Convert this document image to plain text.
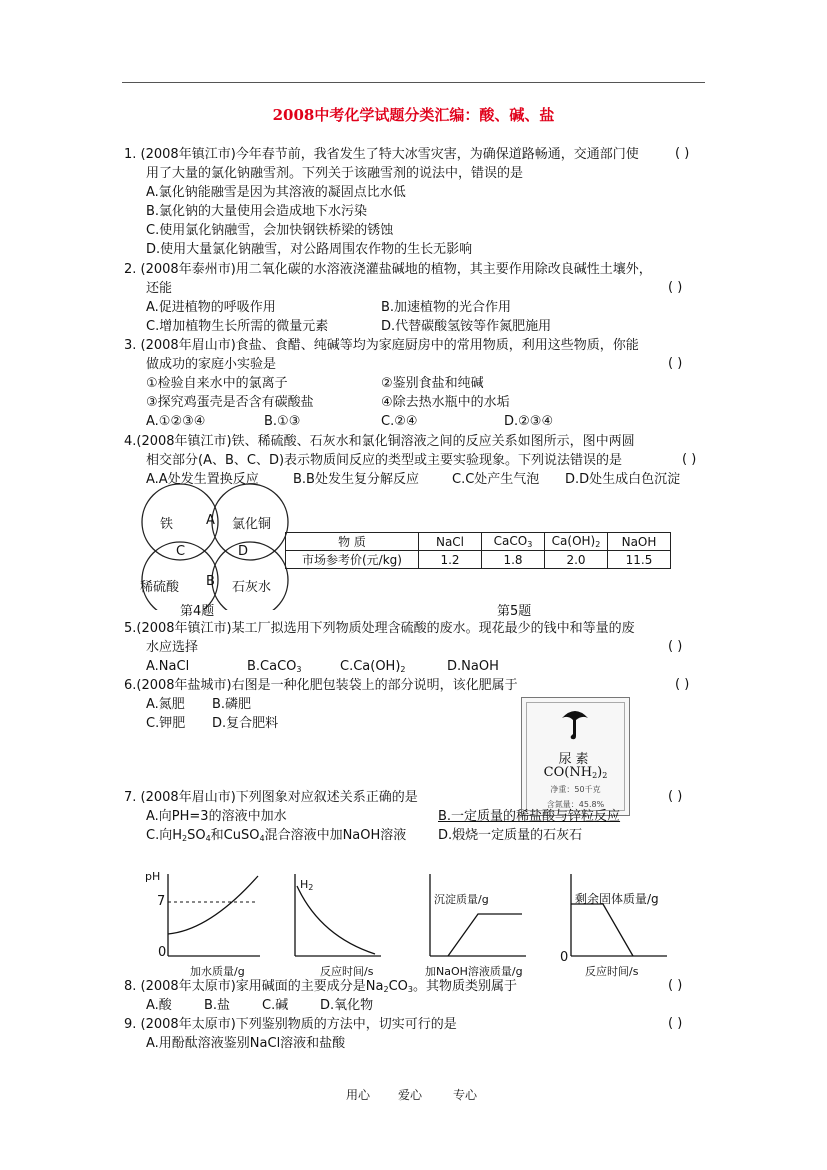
2008中考化学试题分类汇编：酸、碱、盐
1. (2008年镇江市)今年春节前，我省发生了特大冰雪灾害，为确保道路畅通，交通部门使
用了大量的氯化钠融雪剂。下列关于该融雪剂的说法中，错误的是
( )
A.氯化钠能融雪是因为其溶液的凝固点比水低
B.氯化钠的大量使用会造成地下水污染
C.使用氯化钠融雪，会加快钢铁桥梁的锈蚀
D.使用大量氯化钠融雪，对公路周围农作物的生长无影响
2. (2008年泰州市)用二氧化碳的水溶液浇灌盐碱地的植物，其主要作用除改良碱性土壤外，
还能	( )
A.促进植物的呼吸作用	B.加速植物的光合作用
C.增加植物生长所需的微量元素	D.代替碳酸氢铵等作氮肥施用
3. (2008年眉山市)食盐、食醋、纯碱等均为家庭厨房中的常用物质，利用这些物质，你能
做成功的家庭小实验是	( )
①检验自来水中的氯离子	②鉴别食盐和纯碱
③探究鸡蛋壳是否含有碳酸盐	④除去热水瓶中的水垢
A.①②③④	B.①③	C.②④	D.②③④
4.(2008年镇江市)铁、稀硫酸、石灰水和氯化铜溶液之间的反应关系如图所示，图中两圆
相交部分(A、B、C、D)表示物质间反应的类型或主要实验现象。下列说法错误的是	( )
A.A处发生置换反应	B.B处发生复分解反应	C.C处产生气泡 D.D处生成白色沉淀
铁	氯化铜
稀硫酸	石灰水
A
B
C	D
第4题
物 质	NaCl	CaCO$_3$	$Ca(OH)_2$	NaOH
市场参考价(元/kg)	1.2	1.8	2.0	11.5
第5题
5.(2008年镇江市)某工厂拟选用下列物质处理含硫酸的废水。现花最少的钱中和等量的废
水应选择	( )
A.NaCl	B.CaCO$_3$	$C.Ca(OH)_2$	D.NaOH
6.(2008年盐城市)右图是一种化肥包装袋上的部分说明，该化肥属于	( )
A.氮肥 B.磷肥
C.钾肥 D.复合肥料
尿素
$CO(NH_2)_2$
净重：50千克
含氮量：45.8%
7. (2008年眉山市)下列图象对应叙述关系正确的是	( )
A.向PH=3的溶液中加水	B.一定质量的稀盐酸与锌粒反应
C.向$H_2SO_4$和CuSO$_4$混合溶液中加NaOH溶液 D.煅烧一定质量的石灰石
pH
7
0
加水质量/g
$H_2$
反应时间/s
沉淀质量/g
加NaOH溶液质量/g
剩余固体质量/g
0
反应时间/s
8. (2008年太原市)家用碱面的主要成分是$Na_2CO_3$。其物质类别属于	( )
A.酸 B.盐 C.碱 D.氧化物
9. (2008年太原市)下列鉴别物质的方法中，切实可行的是	( )
A.用酚酞溶液鉴别NaCl溶液和盐酸
用心 爱心	专心
